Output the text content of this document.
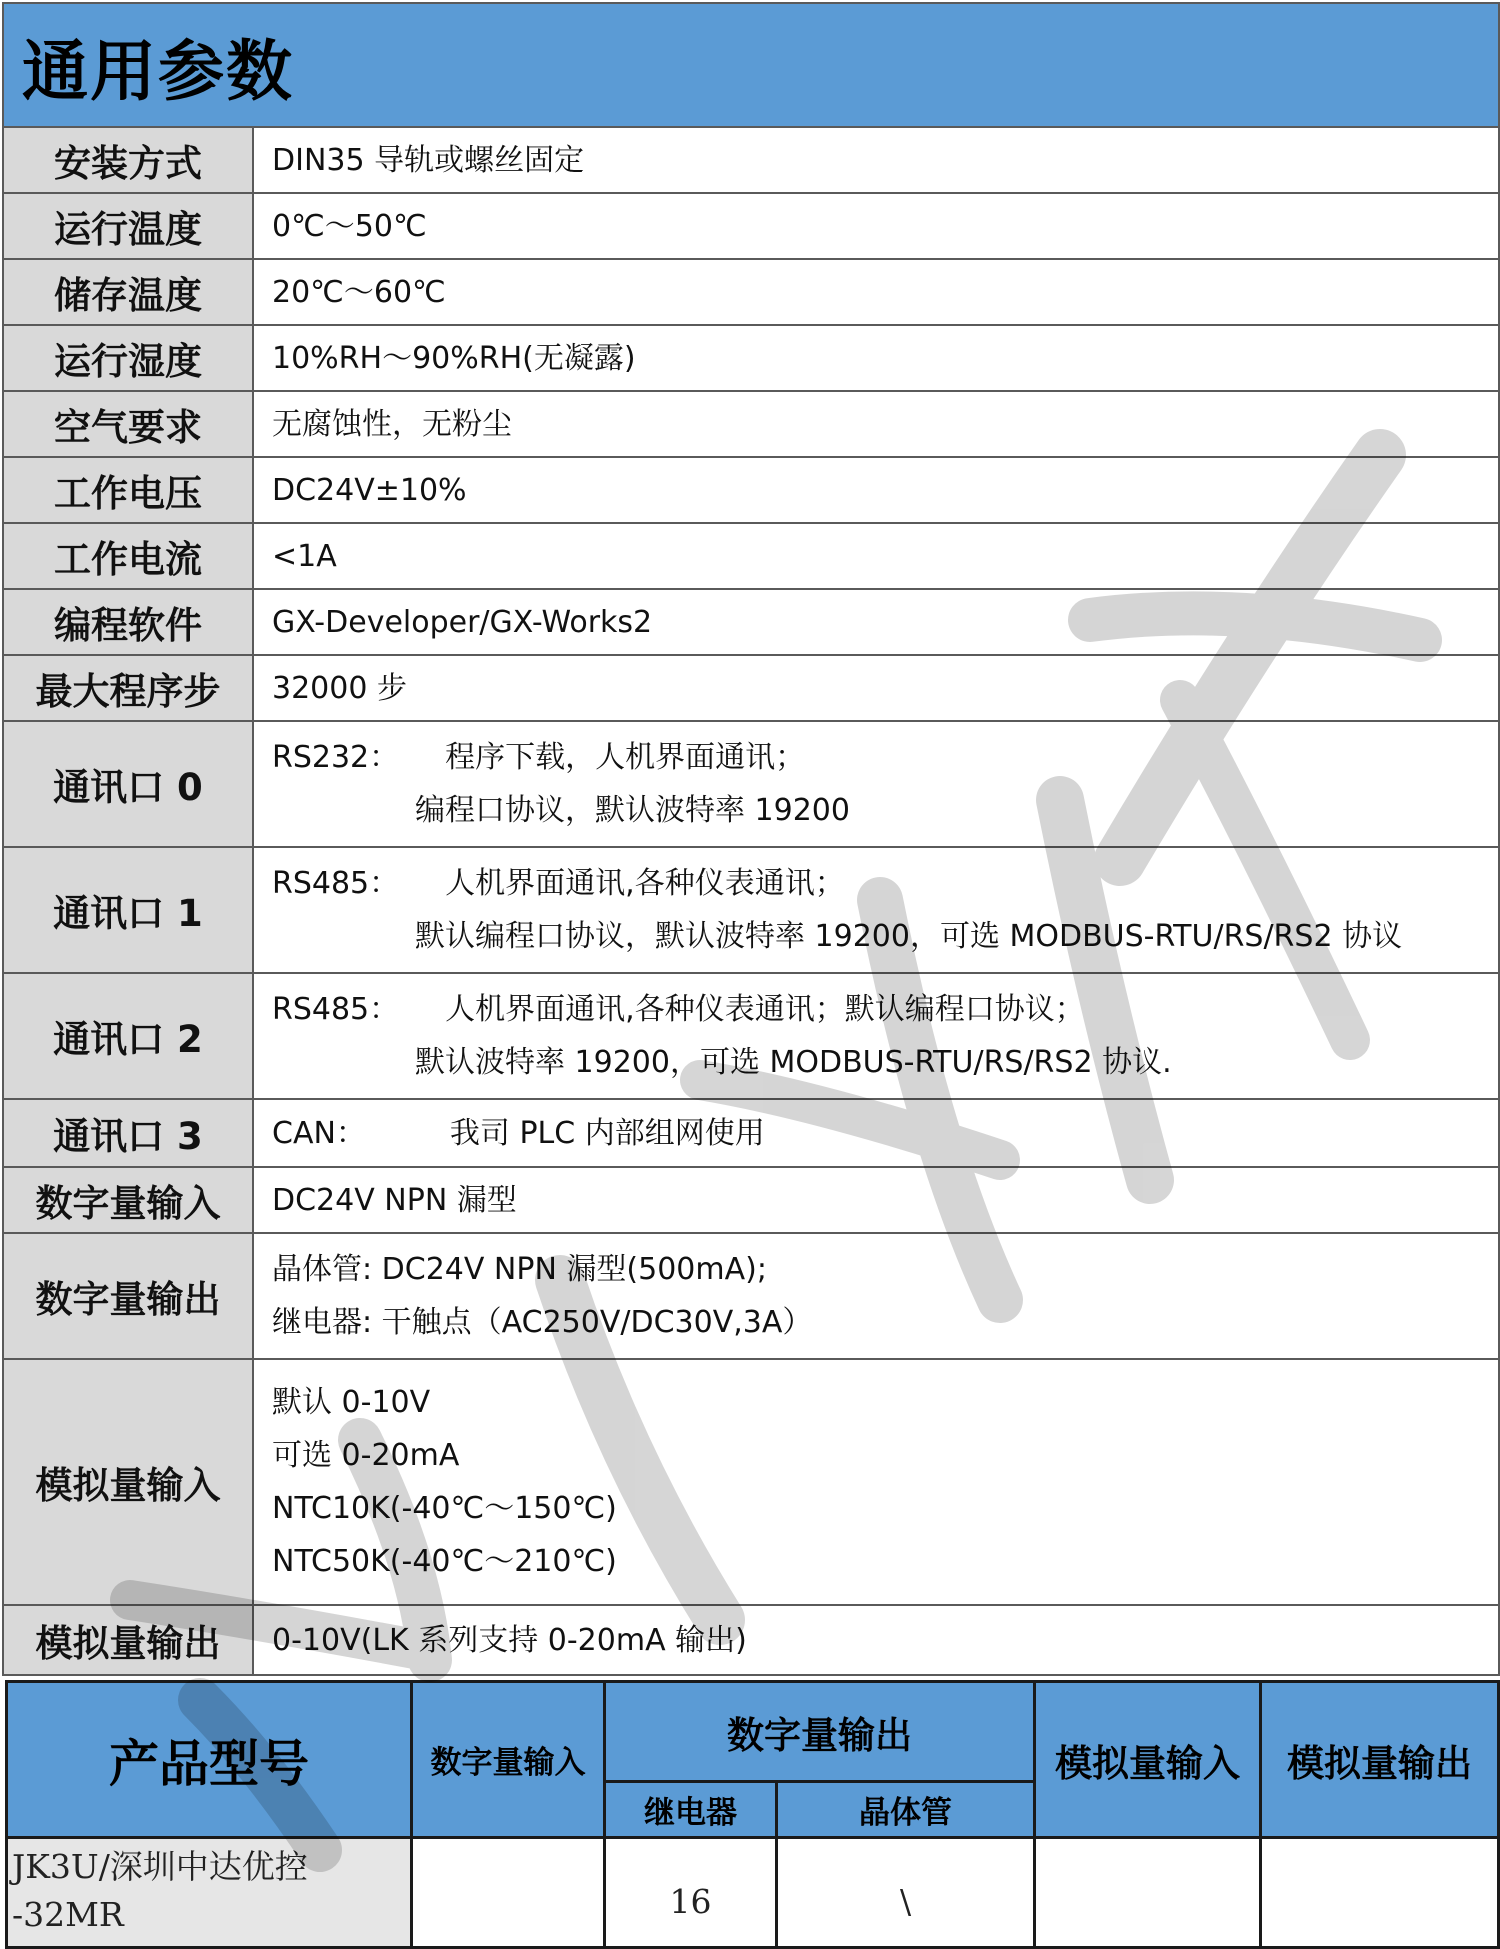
通用参数	
安装方式	DIN35 导轨或螺丝固定

运行温度	0℃～50℃

储存温度	20℃～60℃

运行湿度	10%RH～90%RH(无凝露)

空气要求	无腐蚀性，无粉尘

工作电压	DC24V±10%

工作电流	<1A

编程软件	GX-Developer/GX-Works2

最大程序步	32000 步

通讯口 0	RS232： 程序下载，人机界面通讯；
编程口协议，默认波特率 19200

通讯口 1	RS485： 人机界面通讯,各种仪表通讯；
默认编程口协议，默认波特率 19200，可选 MODBUS-RTU/RS/RS2 协议

通讯口 2	RS485： 人机界面通讯,各种仪表通讯；默认编程口协议；
默认波特率 19200，可选 MODBUS-RTU/RS/RS2 协议.

通讯口 3	CAN： 我司 PLC 内部组网使用

数字量输入	DC24V NPN 漏型

数字量输出	晶体管: DC24V NPN 漏型(500mA);
继电器: 干触点（AC250V/DC30V,3A）

模拟量输入	默认 0-10V
可选 0-20mA
NTC10K(-40℃～150℃)
NTC50K(-40℃～210℃)

模拟量输出	0-10V(LK 系列支持 0-20mA 输出)
产品型号	数字量输入	数字量输出		模拟量输入	模拟量输出
		继电器	晶体管		

JK3U/深圳中达优控
-32MR		16	\		
